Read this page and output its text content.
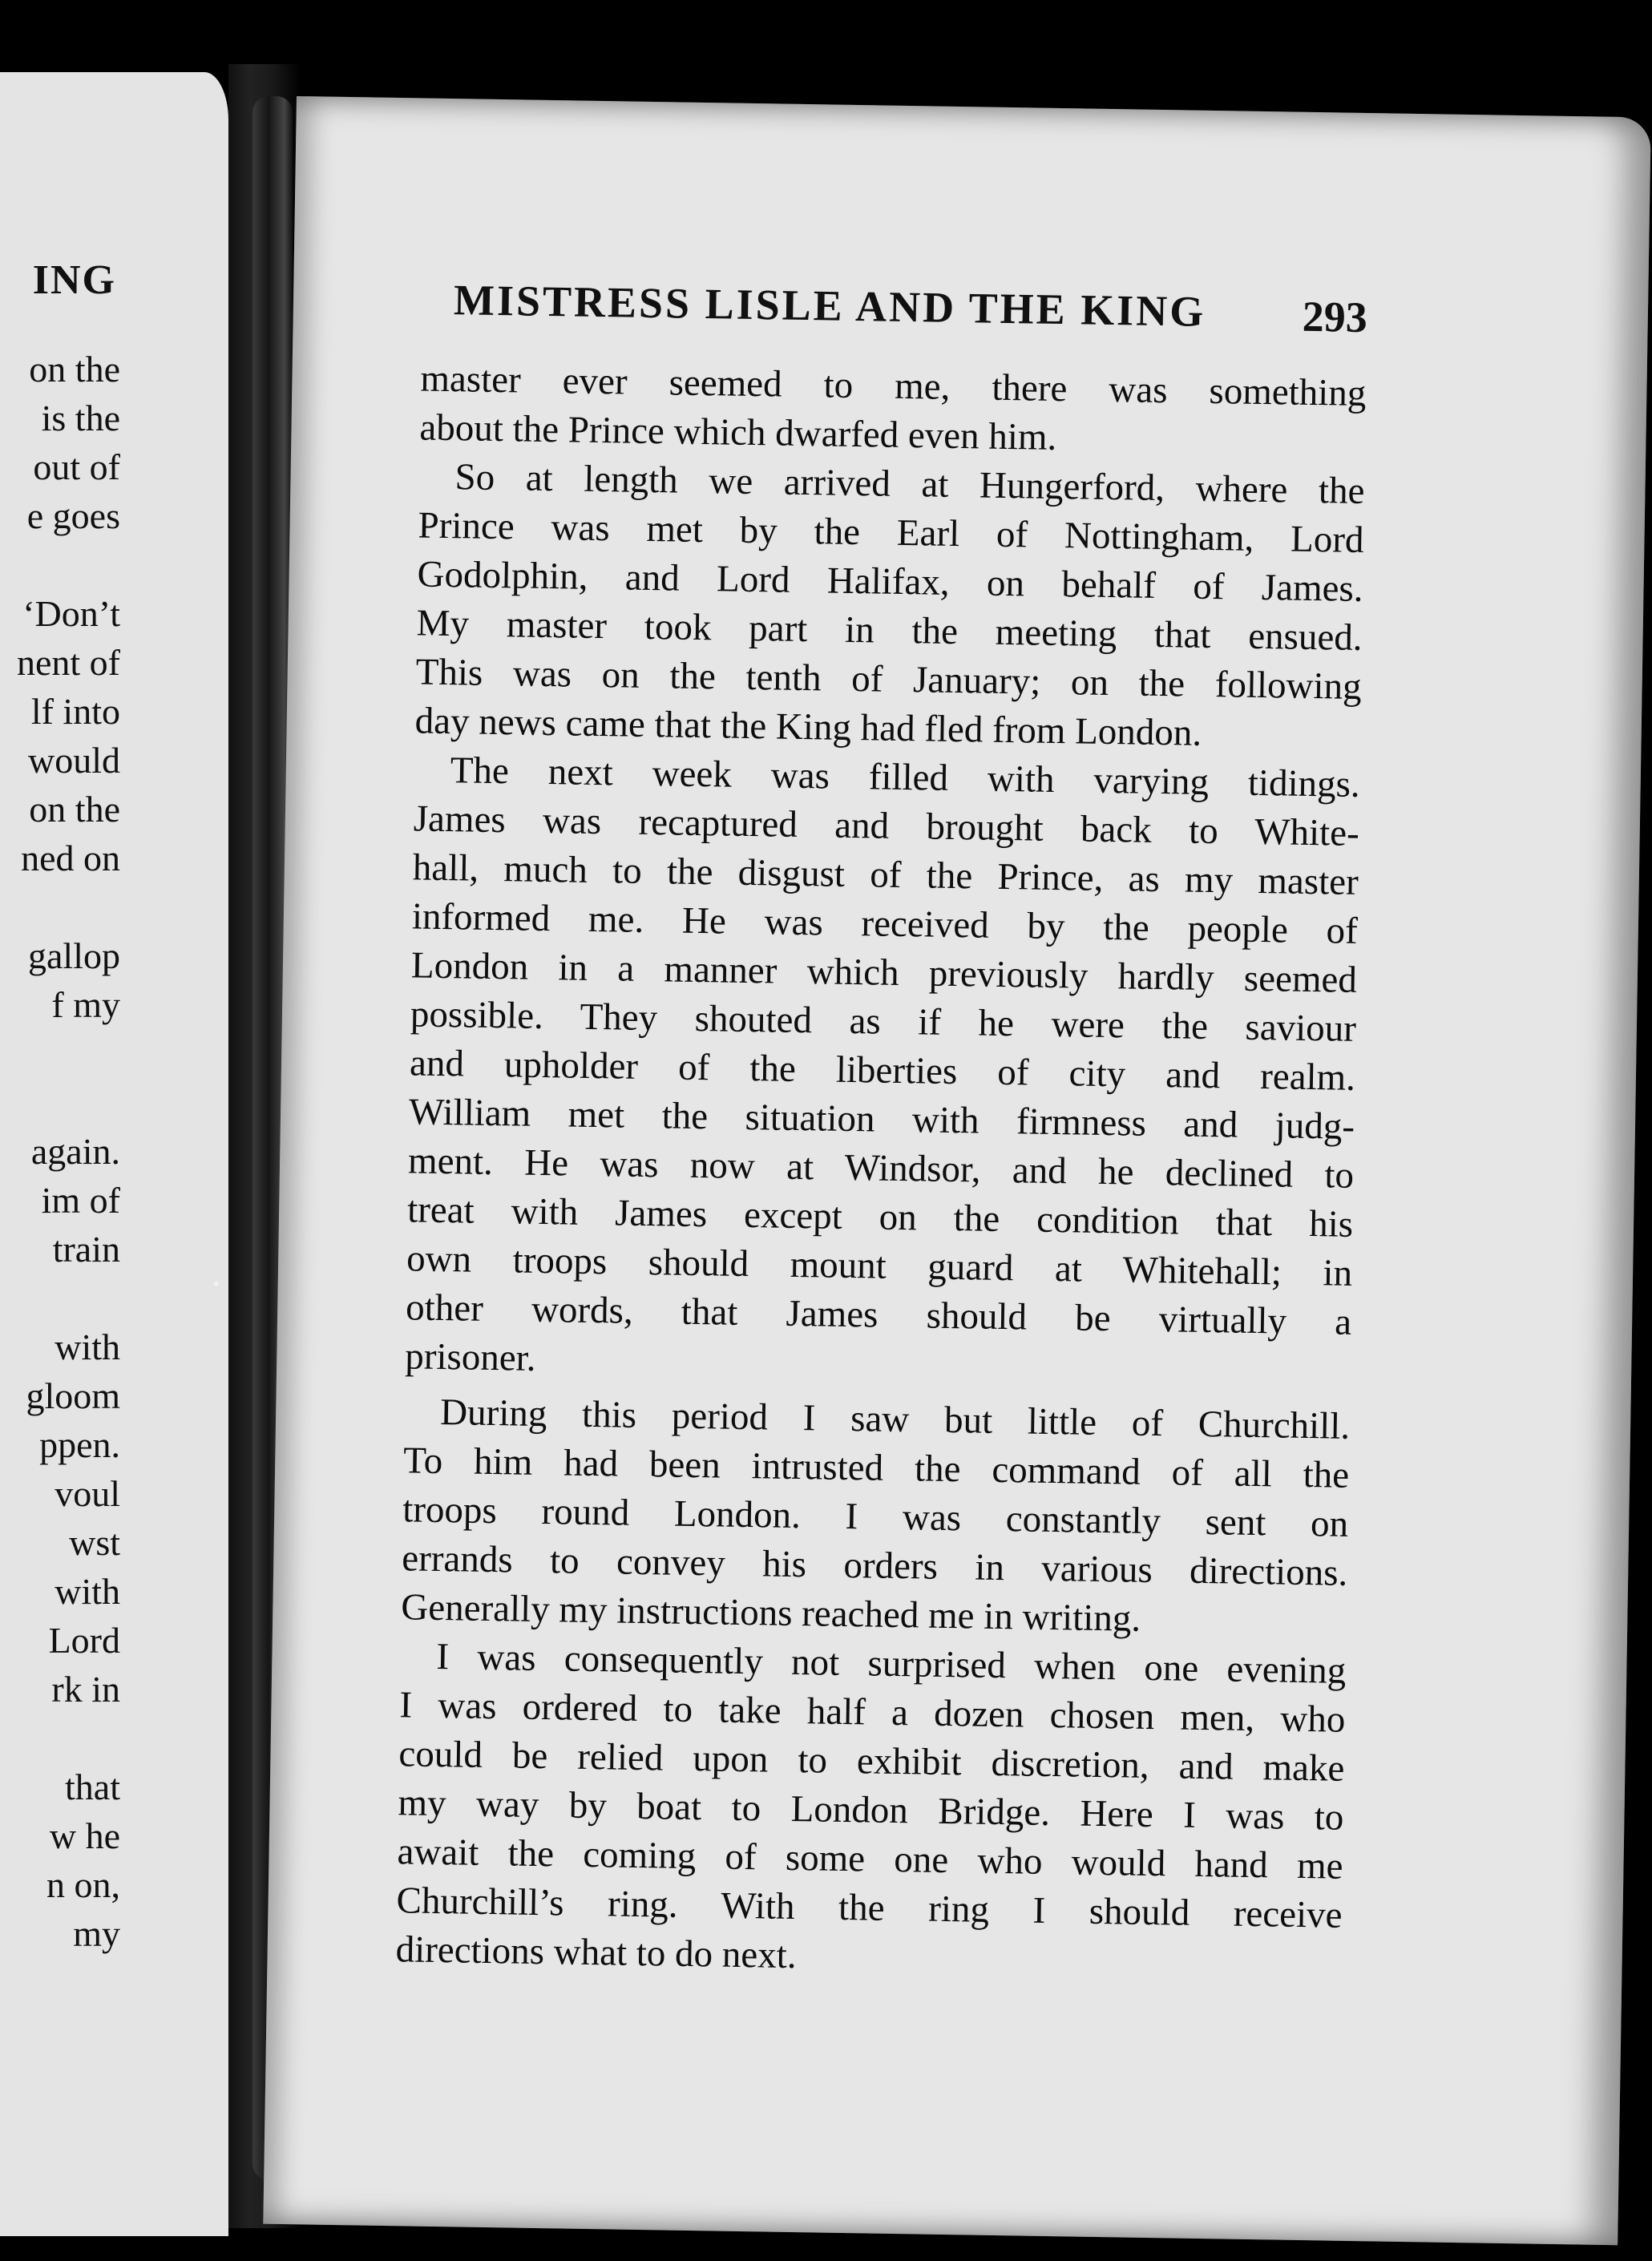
ING
on the
is the
out of
e goes
‘Don’t
nent of
lf into
would
on the
ned on
gallop
f my
again.
im of
train
with
gloom
ppen.
voul
wst
with
Lord
rk in
that
w he
n on,
my
MISTRESS LISLE AND THE KING 293
master ever seemed to me, there was something
about the Prince which dwarfed even him.
So at length we arrived at Hungerford, where the
Prince was met by the Earl of Nottingham, Lord
Godolphin, and Lord Halifax, on behalf of James.
My master took part in the meeting that ensued.
This was on the tenth of January; on the following
day news came that the King had fled from London.
The next week was filled with varying tidings.
James was recaptured and brought back to White-
hall, much to the disgust of the Prince, as my master
informed me. He was received by the people of
London in a manner which previously hardly seemed
possible. They shouted as if he were the saviour
and upholder of the liberties of city and realm.
William met the situation with firmness and judg-
ment. He was now at Windsor, and he declined to
treat with James except on the condition that his
own troops should mount guard at Whitehall; in
other words, that James should be virtually a
prisoner.
During this period I saw but little of Churchill.
To him had been intrusted the command of all the
troops round London. I was constantly sent on
errands to convey his orders in various directions.
Generally my instructions reached me in writing.
I was consequently not surprised when one evening
I was ordered to take half a dozen chosen men, who
could be relied upon to exhibit discretion, and make
my way by boat to London Bridge. Here I was to
await the coming of some one who would hand me
Churchill’s ring. With the ring I should receive
directions what to do next.
